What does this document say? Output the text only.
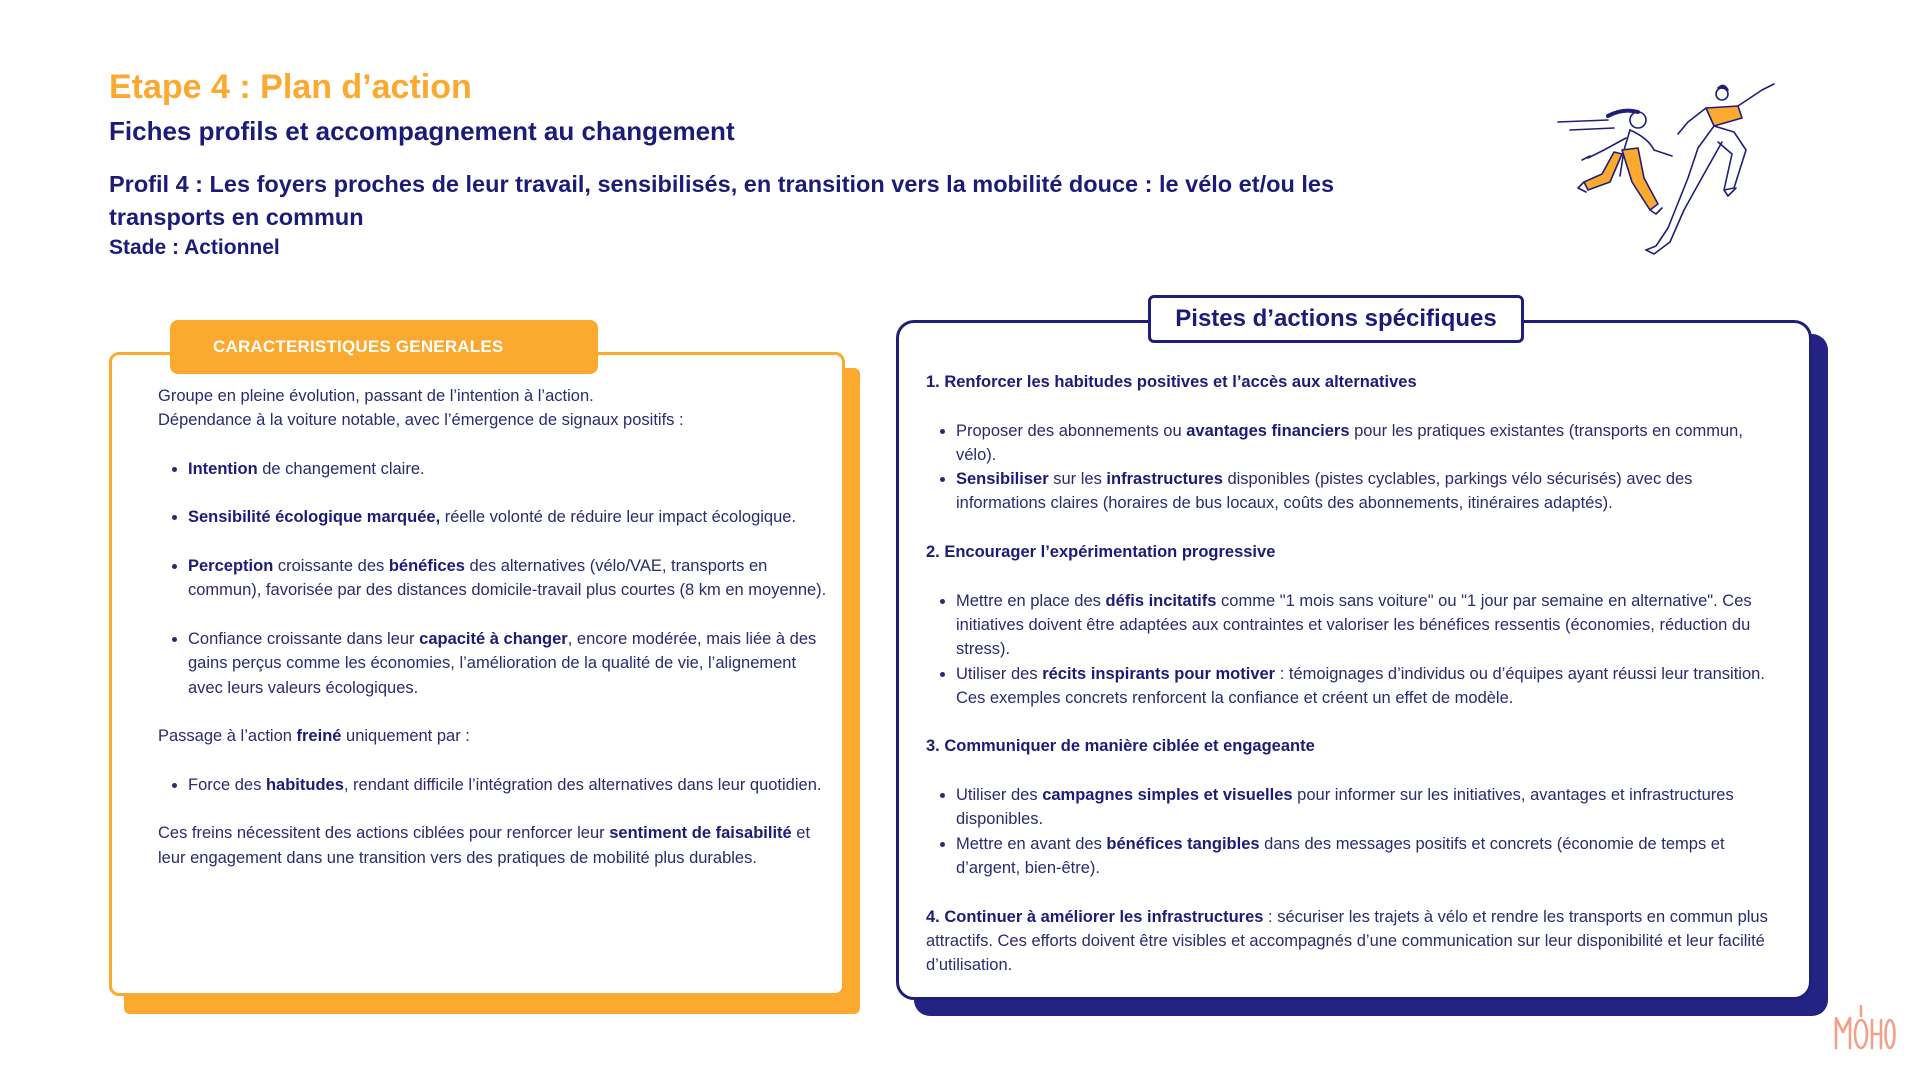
Etape 4 : Plan d’action
Fiches profils et accompagnement au changement
Profil 4 : Les foyers proches de leur travail, sensibilisés, en transition vers la mobilité douce : le vélo et/ou les transports en commun
Stade : Actionnel
CARACTERISTIQUES GENERALES

Groupe en pleine évolution, passant de l’intention à l’action.

Dépendance à la voiture notable, avec l’émergence de signaux positifs :

• Intention de changement claire.
• Sensibilité écologique marquée, réelle volonté de réduire leur impact écologique.
• Perception croissante des bénéfices des alternatives (vélo/VAE, transports en commun), favorisée par des distances domicile-travail plus courtes (8 km en moyenne).
• Confiance croissante dans leur capacité à changer, encore modérée, mais liée à des gains perçus comme les économies, l’amélioration de la qualité de vie, l’alignement avec leurs valeurs écologiques.

Passage à l’action freiné uniquement par :

• Force des habitudes, rendant difficile l’intégration des alternatives dans leur quotidien.

Ces freins nécessitent des actions ciblées pour renforcer leur sentiment de faisabilité et leur engagement dans une transition vers des pratiques de mobilité plus durables.

Pistes d’actions spécifiques

1. Renforcer les habitudes positives et l’accès aux alternatives

• Proposer des abonnements ou avantages financiers pour les pratiques existantes (transports en commun, vélo).
• Sensibiliser sur les infrastructures disponibles (pistes cyclables, parkings vélo sécurisés) avec des informations claires (horaires de bus locaux, coûts des abonnements, itinéraires adaptés).

2. Encourager l’expérimentation progressive

• Mettre en place des défis incitatifs comme "1 mois sans voiture" ou "1 jour par semaine en alternative". Ces initiatives doivent être adaptées aux contraintes et valoriser les bénéfices ressentis (économies, réduction du stress).
• Utiliser des récits inspirants pour motiver : témoignages d’individus ou d’équipes ayant réussi leur transition. Ces exemples concrets renforcent la confiance et créent un effet de modèle.

3. Communiquer de manière ciblée et engageante

• Utiliser des campagnes simples et visuelles pour informer sur les initiatives, avantages et infrastructures disponibles.
• Mettre en avant des bénéfices tangibles dans des messages positifs et concrets (économie de temps et d’argent, bien-être).

4. Continuer à améliorer les infrastructures : sécuriser les trajets à vélo et rendre les transports en commun plus attractifs. Ces efforts doivent être visibles et accompagnés d’une communication sur leur disponibilité et leur facilité d’utilisation.
